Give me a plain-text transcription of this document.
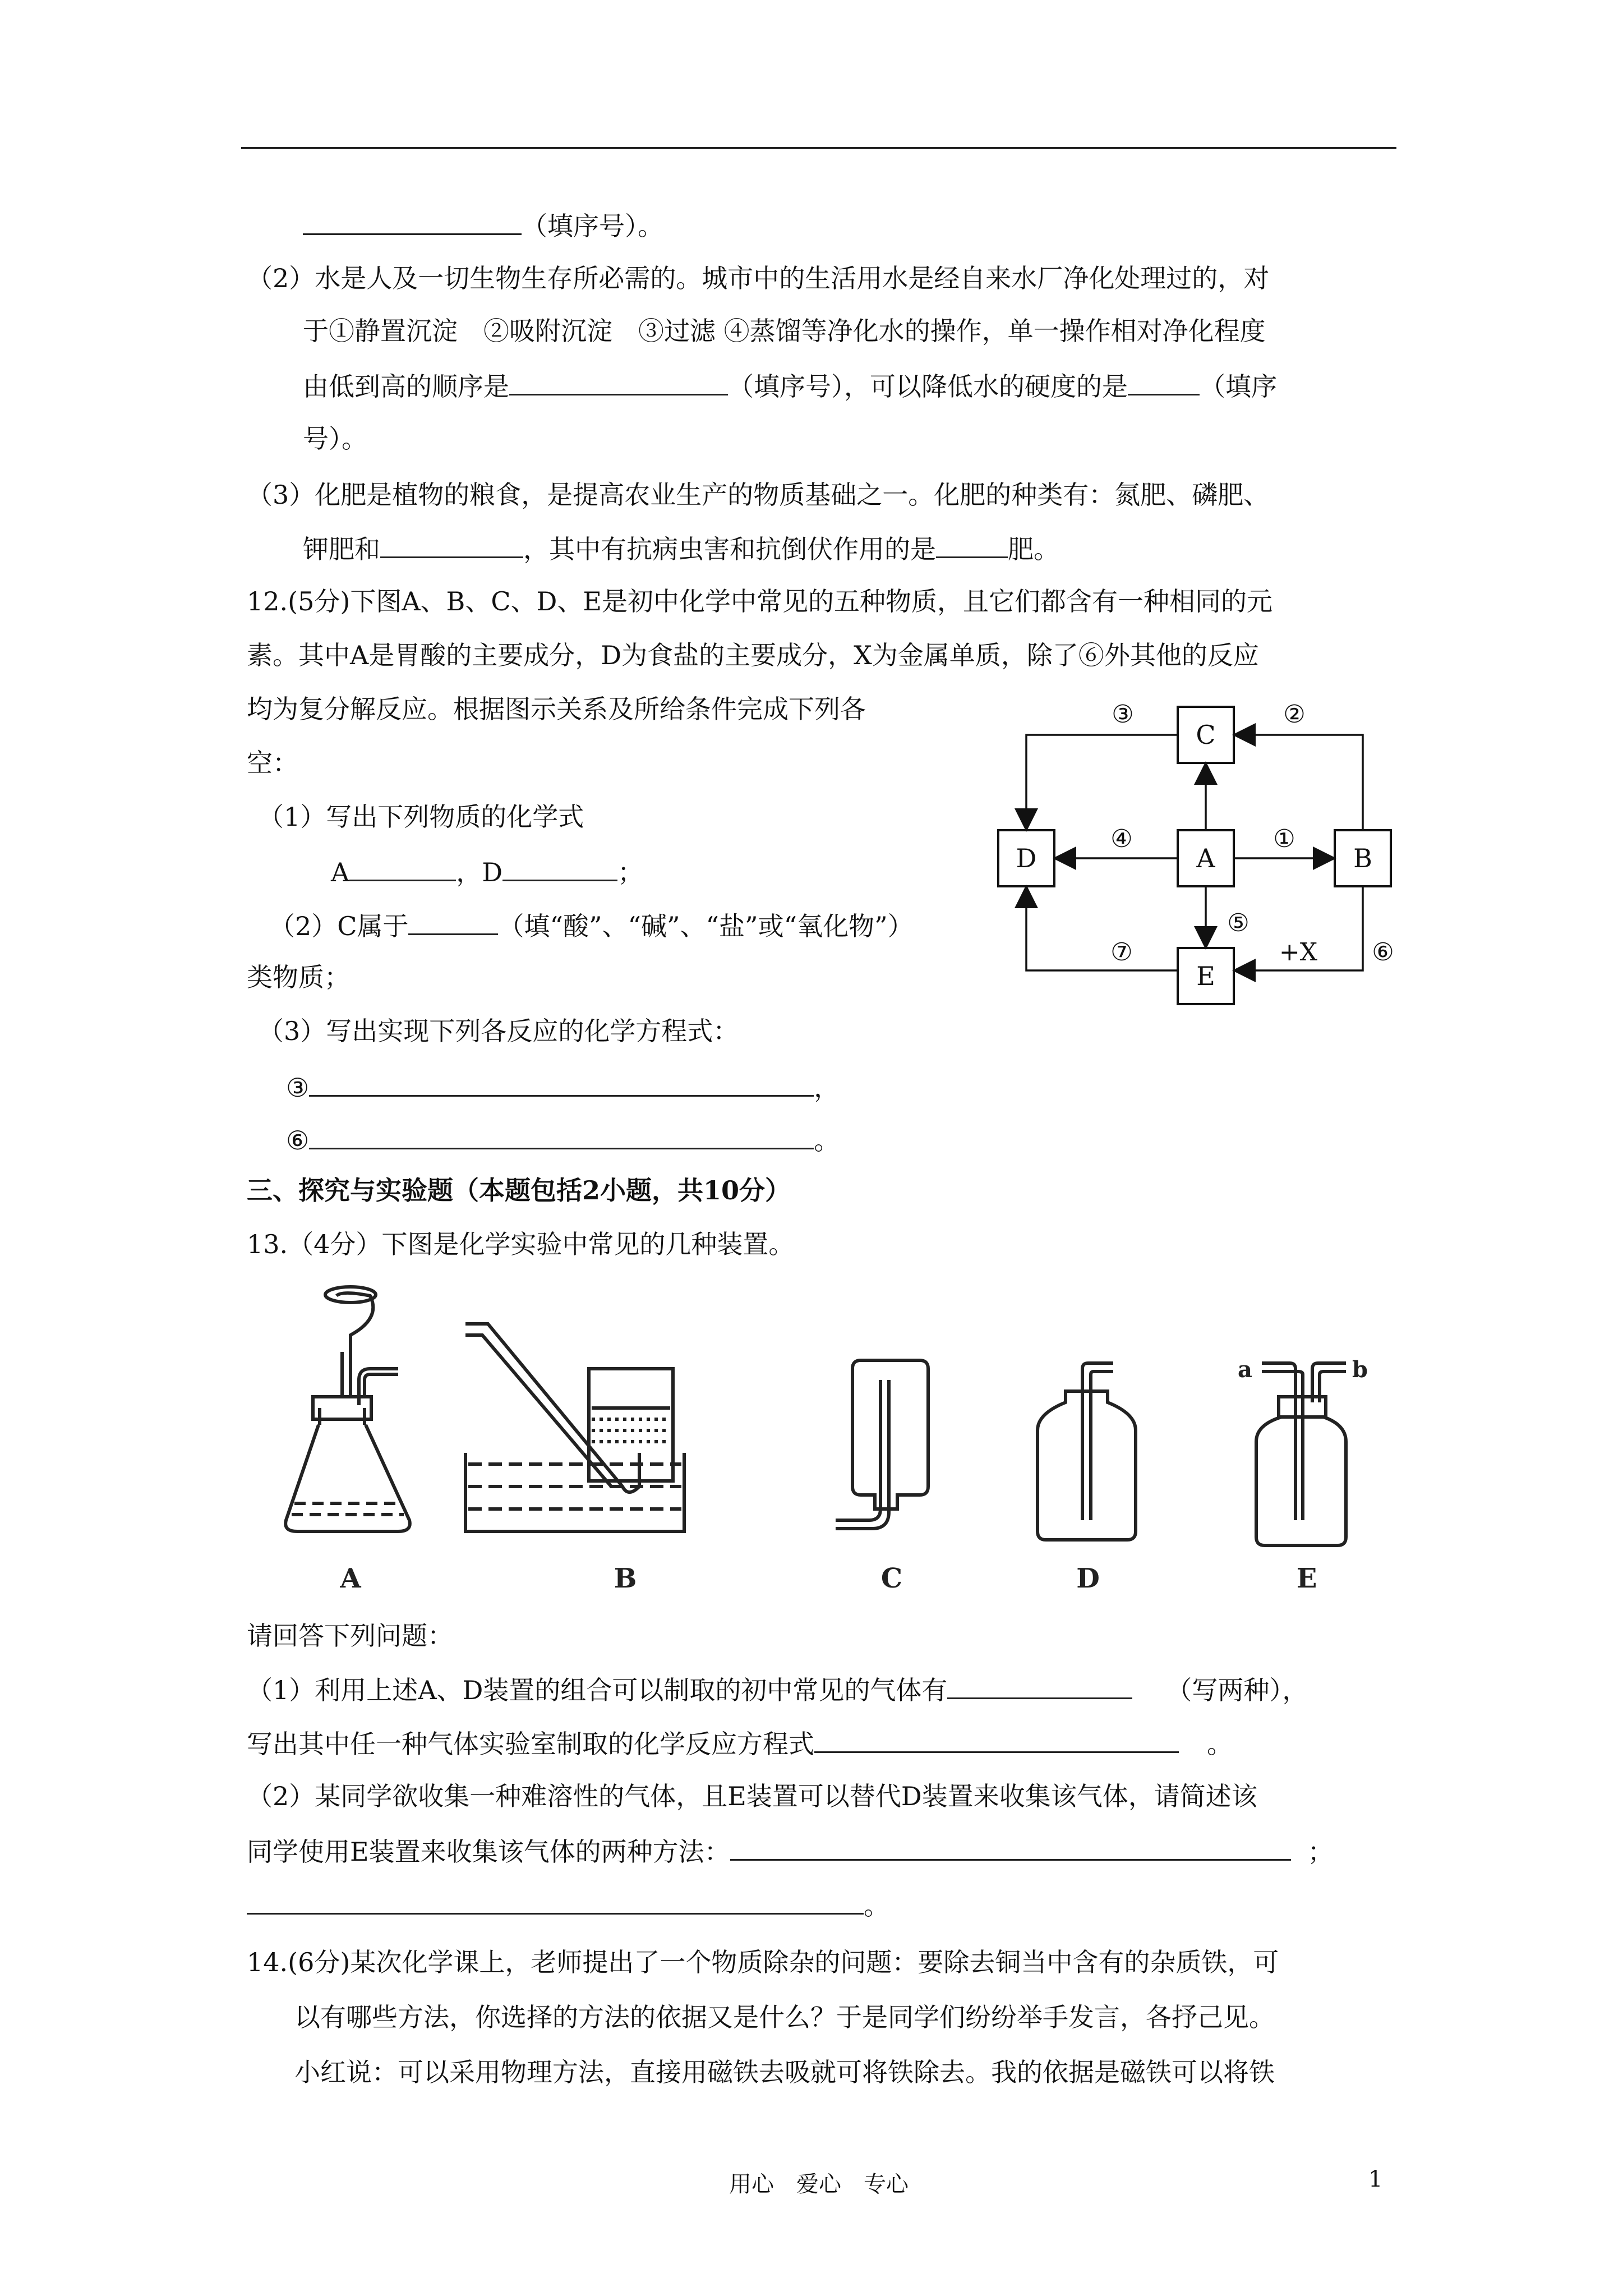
（填序号）。
（2）水是人及一切生物生存所必需的。城市中的生活用水是经自来水厂净化处理过的，对
于①静置沉淀　②吸附沉淀　③过滤 ④蒸馏等净化水的操作，单一操作相对净化程度
由低到高的顺序是	（填序号），可以降低水的硬度的是	（填序
号）。
（3）化肥是植物的粮食，是提高农业生产的物质基础之一。化肥的种类有：氮肥、磷肥、
钾肥和	，其中有抗病虫害和抗倒伏作用的是	肥。
12.(5分)下图A、B、C、D、E是初中化学中常见的五种物质，且它们都含有一种相同的元
素。其中A是胃酸的主要成分，D为食盐的主要成分，X为金属单质，除了⑥外其他的反应
均为复分解反应。根据图示关系及所给条件完成下列各
空：
（1）写出下列物质的化学式
A	，D	；
（2）C属于	（填“酸”、“碱”、“盐”或“氧化物”）
类物质；
（3）写出实现下列各反应的化学方程式：
③	，
⑥	。
C
D	A	B
E
③	②
④	①
⑤
⑦	+X ⑥
三、探究与实验题（本题包括2小题，共10分）
13.（4分）下图是化学实验中常见的几种装置。
A	B	C	D
a	b
E
请回答下列问题：
（1）利用上述A、D装置的组合可以制取的初中常见的气体有	（写两种），
写出其中任一种气体实验室制取的化学反应方程式	。
（2）某同学欲收集一种难溶性的气体，且E装置可以替代D装置来收集该气体，请简述该
同学使用E装置来收集该气体的两种方法：	；
。
14.(6分)某次化学课上，老师提出了一个物质除杂的问题：要除去铜当中含有的杂质铁，可
以有哪些方法，你选择的方法的依据又是什么？于是同学们纷纷举手发言，各抒己见。
小红说：可以采用物理方法，直接用磁铁去吸就可将铁除去。我的依据是磁铁可以将铁
用心　爱心　专心	1
